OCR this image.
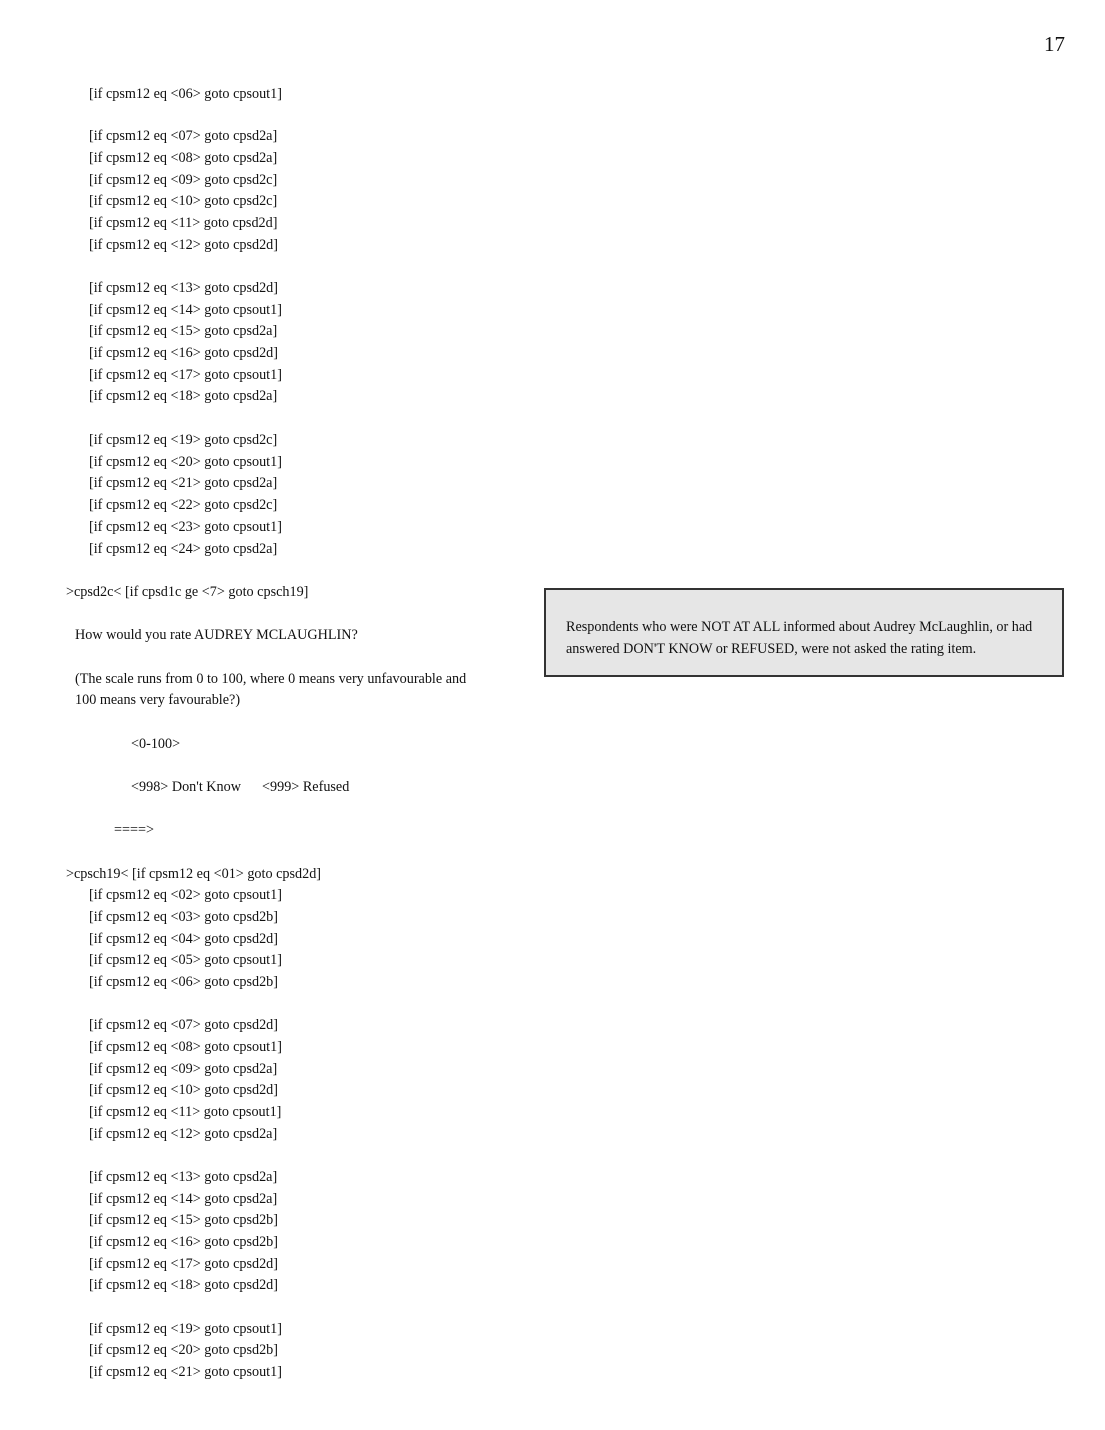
17
[if cpsm12 eq <06> goto cpsout1]
[if cpsm12 eq <07> goto cpsd2a]
[if cpsm12 eq <08> goto cpsd2a]
[if cpsm12 eq <09> goto cpsd2c]
[if cpsm12 eq <10> goto cpsd2c]
[if cpsm12 eq <11> goto cpsd2d]
[if cpsm12 eq <12> goto cpsd2d]
[if cpsm12 eq <13> goto cpsd2d]
[if cpsm12 eq <14> goto cpsout1]
[if cpsm12 eq <15> goto cpsd2a]
[if cpsm12 eq <16> goto cpsd2d]
[if cpsm12 eq <17> goto cpsout1]
[if cpsm12 eq <18> goto cpsd2a]
[if cpsm12 eq <19> goto cpsd2c]
[if cpsm12 eq <20> goto cpsout1]
[if cpsm12 eq <21> goto cpsd2a]
[if cpsm12 eq <22> goto cpsd2c]
[if cpsm12 eq <23> goto cpsout1]
[if cpsm12 eq <24> goto cpsd2a]
>cpsd2c< [if cpsd1c ge <7> goto cpsch19]
How would you rate AUDREY MCLAUGHLIN?
(The scale runs from 0 to 100, where 0 means very unfavourable and
100 means very favourable?)
<0-100>
<998> Don't Know <999> Refused
====>
Respondents who were NOT AT ALL informed about Audrey McLaughlin, or had
answered DON'T KNOW or REFUSED, were not asked the rating item.
>cpsch19< [if cpsm12 eq <01> goto cpsd2d]
[if cpsm12 eq <02> goto cpsout1]
[if cpsm12 eq <03> goto cpsd2b]
[if cpsm12 eq <04> goto cpsd2d]
[if cpsm12 eq <05> goto cpsout1]
[if cpsm12 eq <06> goto cpsd2b]
[if cpsm12 eq <07> goto cpsd2d]
[if cpsm12 eq <08> goto cpsout1]
[if cpsm12 eq <09> goto cpsd2a]
[if cpsm12 eq <10> goto cpsd2d]
[if cpsm12 eq <11> goto cpsout1]
[if cpsm12 eq <12> goto cpsd2a]
[if cpsm12 eq <13> goto cpsd2a]
[if cpsm12 eq <14> goto cpsd2a]
[if cpsm12 eq <15> goto cpsd2b]
[if cpsm12 eq <16> goto cpsd2b]
[if cpsm12 eq <17> goto cpsd2d]
[if cpsm12 eq <18> goto cpsd2d]
[if cpsm12 eq <19> goto cpsout1]
[if cpsm12 eq <20> goto cpsd2b]
[if cpsm12 eq <21> goto cpsout1]
